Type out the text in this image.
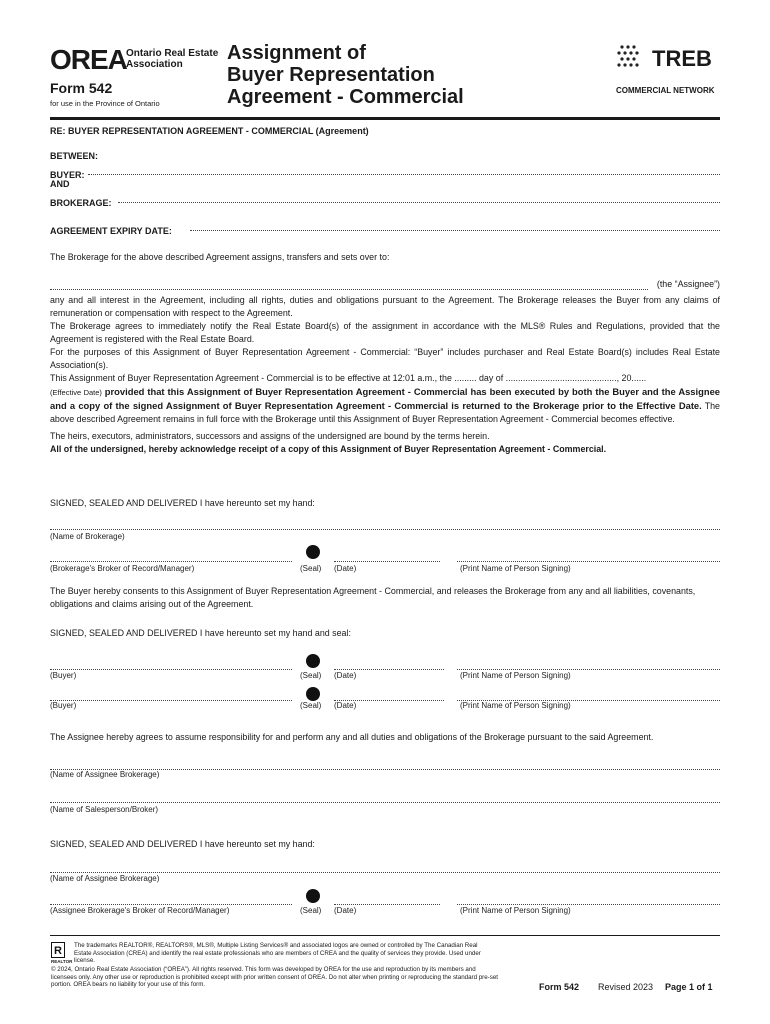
OREA Ontario Real Estate
Association
Form 542
for use in the Province of Ontario
Assignment of
Buyer Representation
Agreement - Commercial
TREB
COMMERCIAL NETWORK
RE: BUYER REPRESENTATION AGREEMENT - COMMERCIAL (Agreement)
BETWEEN:
BUYER:
AND
BROKERAGE:
AGREEMENT EXPIRY DATE:
The Brokerage for the above described Agreement assigns, transfers and sets over to:
(the “Assignee”)
any and all interest in the Agreement, including all rights, duties and obligations pursuant to the Agreement. The Brokerage releases the Buyer from any claims of remuneration or compensation with respect to the Agreement.
The Brokerage agrees to immediately notify the Real Estate Board(s) of the assignment in accordance with the MLS® Rules and Regulations, provided that the Agreement is registered with the Real Estate Board.
For the purposes of this Assignment of Buyer Representation Agreement - Commercial: “Buyer” includes purchaser and Real Estate Board(s) includes Real Estate Association(s).
This Assignment of Buyer Representation Agreement - Commercial is to be effective at 12:01 a.m., the ......... day of ............................................., 20......
(Effective Date) provided that this Assignment of Buyer Representation Agreement - Commercial has been executed by both the Buyer and the Assignee and a copy of the signed Assignment of Buyer Representation Agreement - Commercial is returned to the Brokerage prior to the Effective Date. The above described Agreement remains in full force with the Brokerage until this Assignment of Buyer Representation Agreement - Commercial becomes effective.
The heirs, executors, administrators, successors and assigns of the undersigned are bound by the terms herein.
All of the undersigned, hereby acknowledge receipt of a copy of this Assignment of Buyer Representation Agreement - Commercial.
SIGNED, SEALED AND DELIVERED I have hereunto set my hand:
(Name of Brokerage)
(Brokerage's Broker of Record/Manager)	(Seal) (Date)	(Print Name of Person Signing)
The Buyer hereby consents to this Assignment of Buyer Representation Agreement - Commercial, and releases the Brokerage from any and all liabilities, covenants, obligations and claims arising out of the Agreement.
SIGNED, SEALED AND DELIVERED I have hereunto set my hand and seal:
(Buyer)	(Seal) (Date)	(Print Name of Person Signing)
(Buyer)	(Seal) (Date)	(Print Name of Person Signing)
The Assignee hereby agrees to assume responsibility for and perform any and all duties and obligations of the Brokerage pursuant to the said Agreement.
(Name of Assignee Brokerage)
(Name of Salesperson/Broker)
SIGNED, SEALED AND DELIVERED I have hereunto set my hand:
(Name of Assignee Brokerage)
(Assignee Brokerage's Broker of Record/Manager)	(Seal) (Date)	(Print Name of Person Signing)
R
REALTOR
The trademarks REALTOR®, REALTORS®, MLS®, Multiple Listing Services® and associated logos are owned or controlled by The Canadian Real Estate Association (CREA) and identify the real estate professionals who are members of CREA and the quality of services they provide. Used under license.
© 2024, Ontario Real Estate Association (“OREA”). All rights reserved. This form was developed by OREA for the use and reproduction by its members and licensees only. Any other use or reproduction is prohibited except with prior written consent of OREA. Do not alter when printing or reproducing the standard pre-set portion. OREA bears no liability for your use of this form.	Form 542 Revised 2023 Page 1 of 1
